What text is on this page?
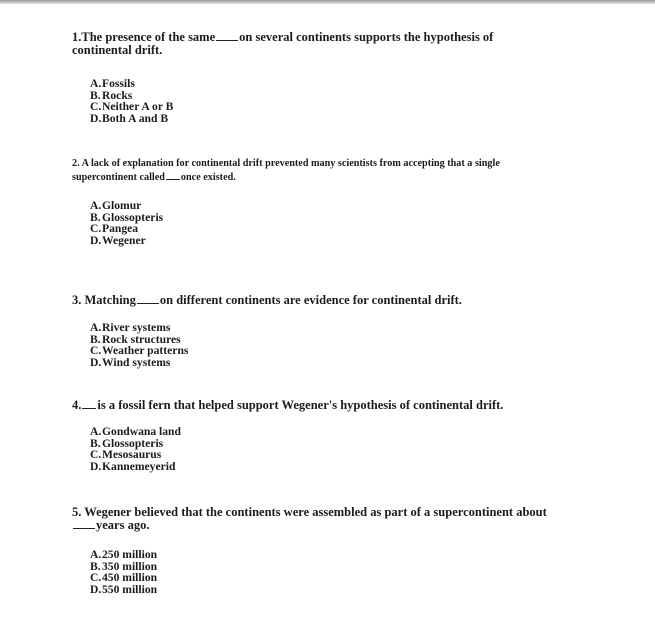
1.The presence of the same on several continents supports the hypothesis of
continental drift.

A.Fossils
B.Rocks
C.Neither A or B
D.Both A and B

2. A lack of explanation for continental drift prevented many scientists from accepting that a single
supercontinent called once existed.

A.Glomur
B.Glossopteris
C.Pangea
D.Wegener

3. Matching on different continents are evidence for continental drift.

A.River systems
B.Rock structures
C.Weather patterns
D.Wind systems

4. is a fossil fern that helped support Wegener's hypothesis of continental drift.

A.Gondwana land
B.Glossopteris
C.Mesosaurus
D.Kannemeyerid

5. Wegener believed that the continents were assembled as part of a supercontinent about
years ago.

A.250 million
B.350 million
C.450 million
D.550 million
